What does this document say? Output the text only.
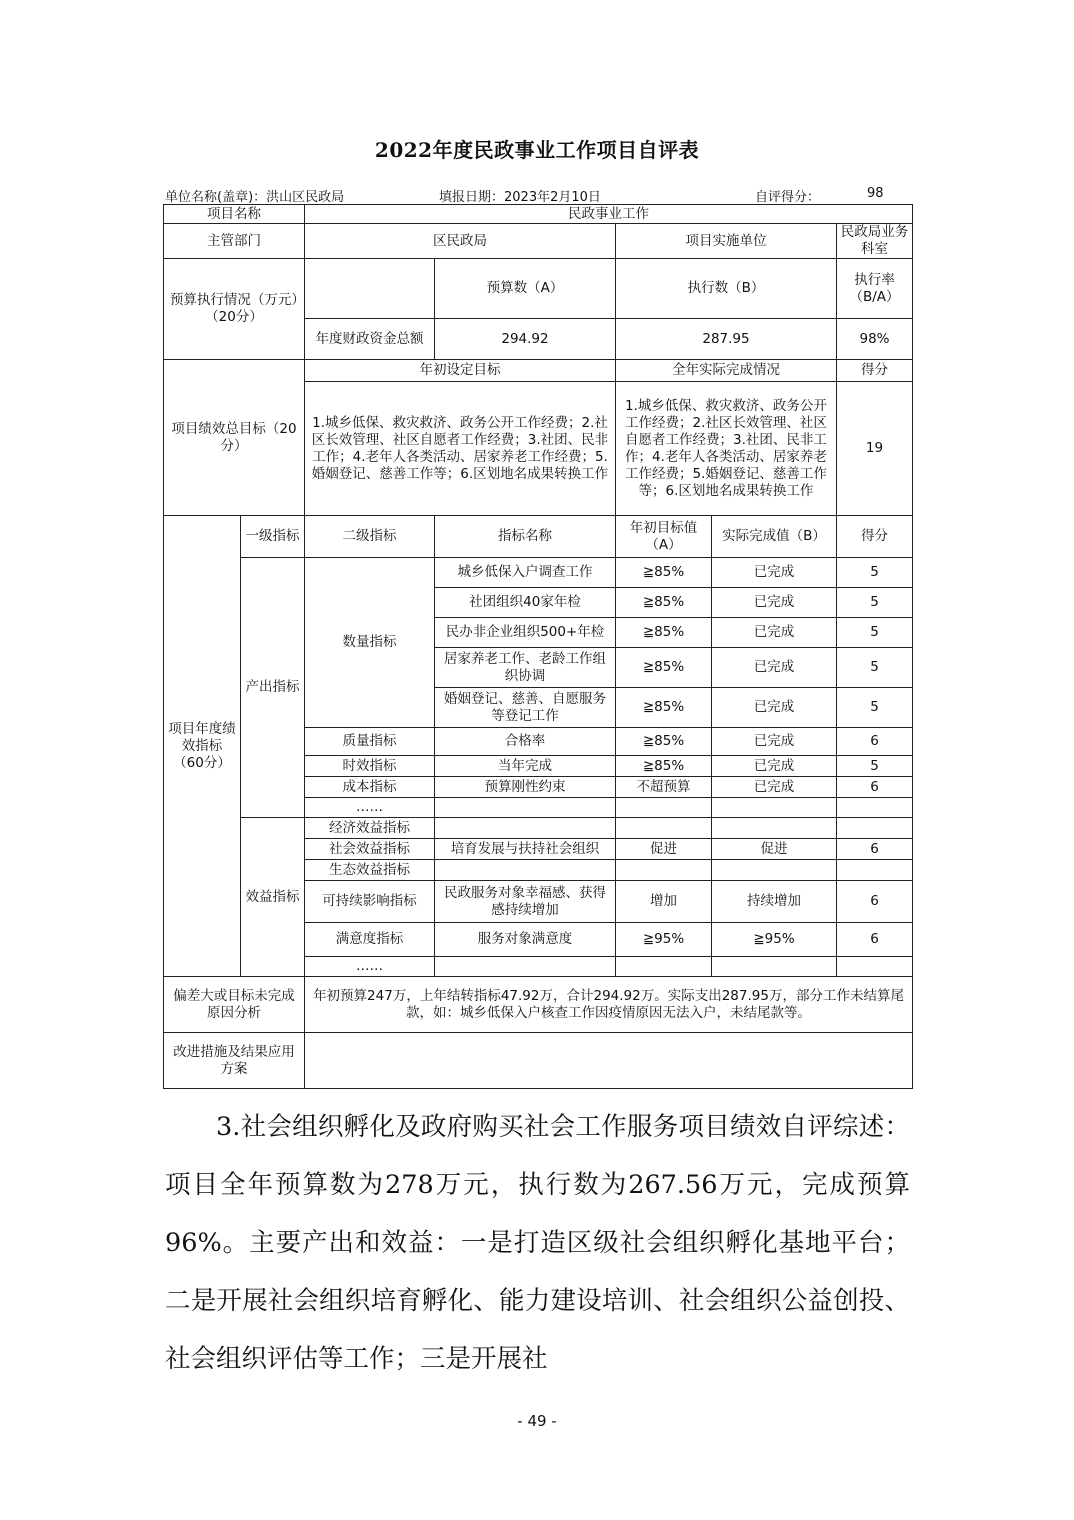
2022年度民政事业工作项目自评表
单位名称(盖章)：洪山区民政局	填报日期：2023年2月10日	自评得分：	98
项目名称		民政事业工作				
主管部门		区民政局		项目实施单位		民政局业务科室
预算执行情况（万元）（20分）			预算数（A）	执行数（B）		执行率（B/A）
		年度财政资金总额	294.92	287.95		98%
项目绩效总目标（20分）		年初设定目标		全年实际完成情况		得分
		1.城乡低保、救灾救济、政务公开工作经费；2.社区长效管理、社区自愿者工作经费；3.社团、民非工作；4.老年人各类活动、居家养老工作经费；5.婚姻登记、慈善工作等；6.区划地名成果转换工作		1.城乡低保、救灾救济、政务公开工作经费；2.社区长效管理、社区自愿者工作经费；3.社团、民非工作；4.老年人各类活动、居家养老工作经费；5.婚姻登记、慈善工作等；6.区划地名成果转换工作		19
项目年度绩效指标（60分）	一级指标	二级指标	指标名称	年初目标值（A）	实际完成值（B）	得分
	产出指标	数量指标	城乡低保入户调查工作	≧85%	已完成	5
			社团组织40家年检	≧85%	已完成	5
			民办非企业组织500+年检	≧85%	已完成	5
			居家养老工作、老龄工作组织协调	≧85%	已完成	5
			婚姻登记、慈善、自愿服务等登记工作	≧85%	已完成	5
		质量指标	合格率	≧85%	已完成	6
		时效指标	当年完成	≧85%	已完成	5
		成本指标	预算刚性约束	不超预算	已完成	6
		……				
	效益指标	经济效益指标				
		社会效益指标	培育发展与扶持社会组织	促进	促进	6
		生态效益指标				
		可持续影响指标	民政服务对象幸福感、获得感持续增加	增加	持续增加	6
		满意度指标	服务对象满意度	≧95%	≧95%	6
		……				
偏差大或目标未完成原因分析		年初预算247万，上年结转指标47.92万，合计294.92万。实际支出287.95万，部分工作未结算尾款，如：城乡低保入户核查工作因疫情原因无法入户，未结尾款等。				
改进措施及结果应用方案						
3.社会组织孵化及政府购买社会工作服务项目绩效自评综述：项目全年预算数为278万元，执行数为267.56万元，完成预算96%。主要产出和效益：一是打造区级社会组织孵化基地平台；二是开展社会组织培育孵化、能力建设培训、社会组织公益创投、社会组织评估等工作；三是开展社
- 49 -
